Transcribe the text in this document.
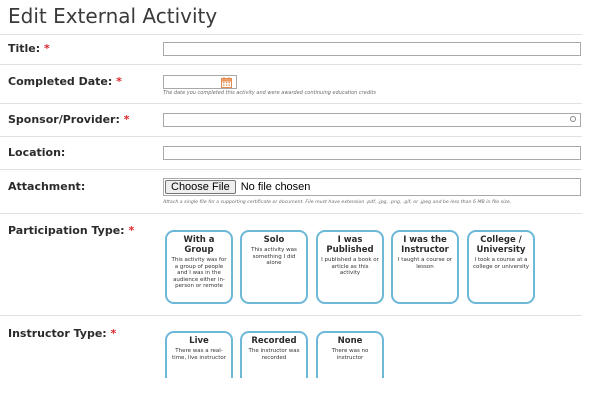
Edit External Activity
Title: *
Completed Date: *
The date you completed this activity and were awarded continuing education credits
Sponsor/Provider: *
Location:
Attachment:	Choose File	No file chosen
Attach a single file for a supporting certificate or document. File must have extension .pdf, .jpg, .png, .gif, or .jpeg and be less than 6 MB in file size.
Participation Type: *
With a Group
This activity was for a group of people and I was in the audience either in-person or remote
Solo
This activity was something I did alone
I was Published
I published a book or article as this activity
I was the Instructor
I taught a course or lesson
College / University
I took a course at a college or university
Instructor Type: *
Live
There was a real-time, live instructor
Recorded
The instructor was recorded
None
There was no instructor
